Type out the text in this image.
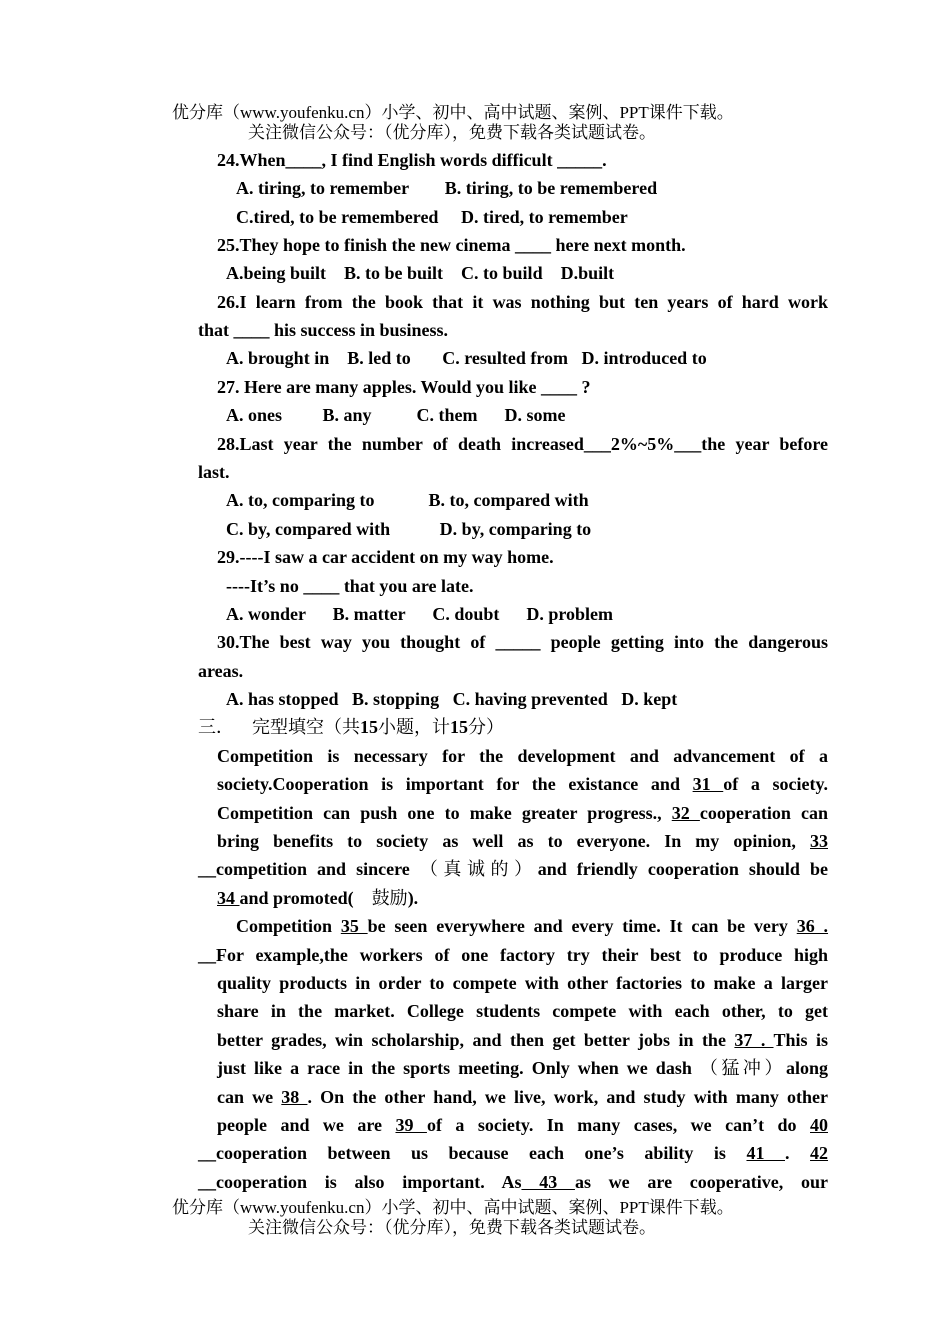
优分库（www.youfenku.cn）小学、初中、高中试题、案例、PPT课件下载。
关注微信公众号：（优分库），免费下载各类试题试卷。
24.When____, I find English words difficult _____.
A. tiring, to remember        B. tiring, to be remembered
C.tired, to be remembered     D. tired, to remember
25.They hope to finish the new cinema ____ here next month.
A.being built    B. to be built    C. to build    D.built
26.I learn from the book that it was nothing but ten years of hard work
that ____ his success in business.
A. brought in    B. led to       C. resulted from   D. introduced to
27. Here are many apples. Would you like ____ ?
A. ones         B. any          C. them      D. some
28.Last year the number of death increased___2%~5%___the year before
last.
A. to, comparing to            B. to, compared with
C. by, compared with           D. by, comparing to
29.----I saw a car accident on my way home.
----It’s no ____ that you are late.
A. wonder      B. matter      C. doubt      D. problem
30.The best way you thought of _____ people getting into the dangerous
areas.
A. has stopped   B. stopping   C. having prevented   D. kept
三． 完型填空（共15小题，计15分）
Competition is necessary for the development and advancement of a
society.Cooperation is important for the existance and 31 of a society.
Competition can push one to make greater progress., 32 cooperation can
bring benefits to society as well as to everyone. In my opinion, 33
__competition and sincere （真诚的）and friendly cooperation should be
34 and promoted( 鼓励).
Competition 35 be seen everywhere and every time. It can be very 36 .
__For example,the workers of one factory try their best to produce high
quality products in order to compete with other factories to make a larger
share in the market. College students compete with each other, to get
better grades, win scholarship, and then get better jobs in the 37 . This is
just like a race in the sports meeting. Only when we dash （猛冲）along
can we 38 . On the other hand, we live, work, and study with many other
people and we are 39 of a society. In many cases, we can’t do 40
__cooperation between us because each one’s ability is 41 . 42
__cooperation is also important. As 43 as we are cooperative, our
优分库（www.youfenku.cn）小学、初中、高中试题、案例、PPT课件下载。
关注微信公众号：（优分库），免费下载各类试题试卷。
